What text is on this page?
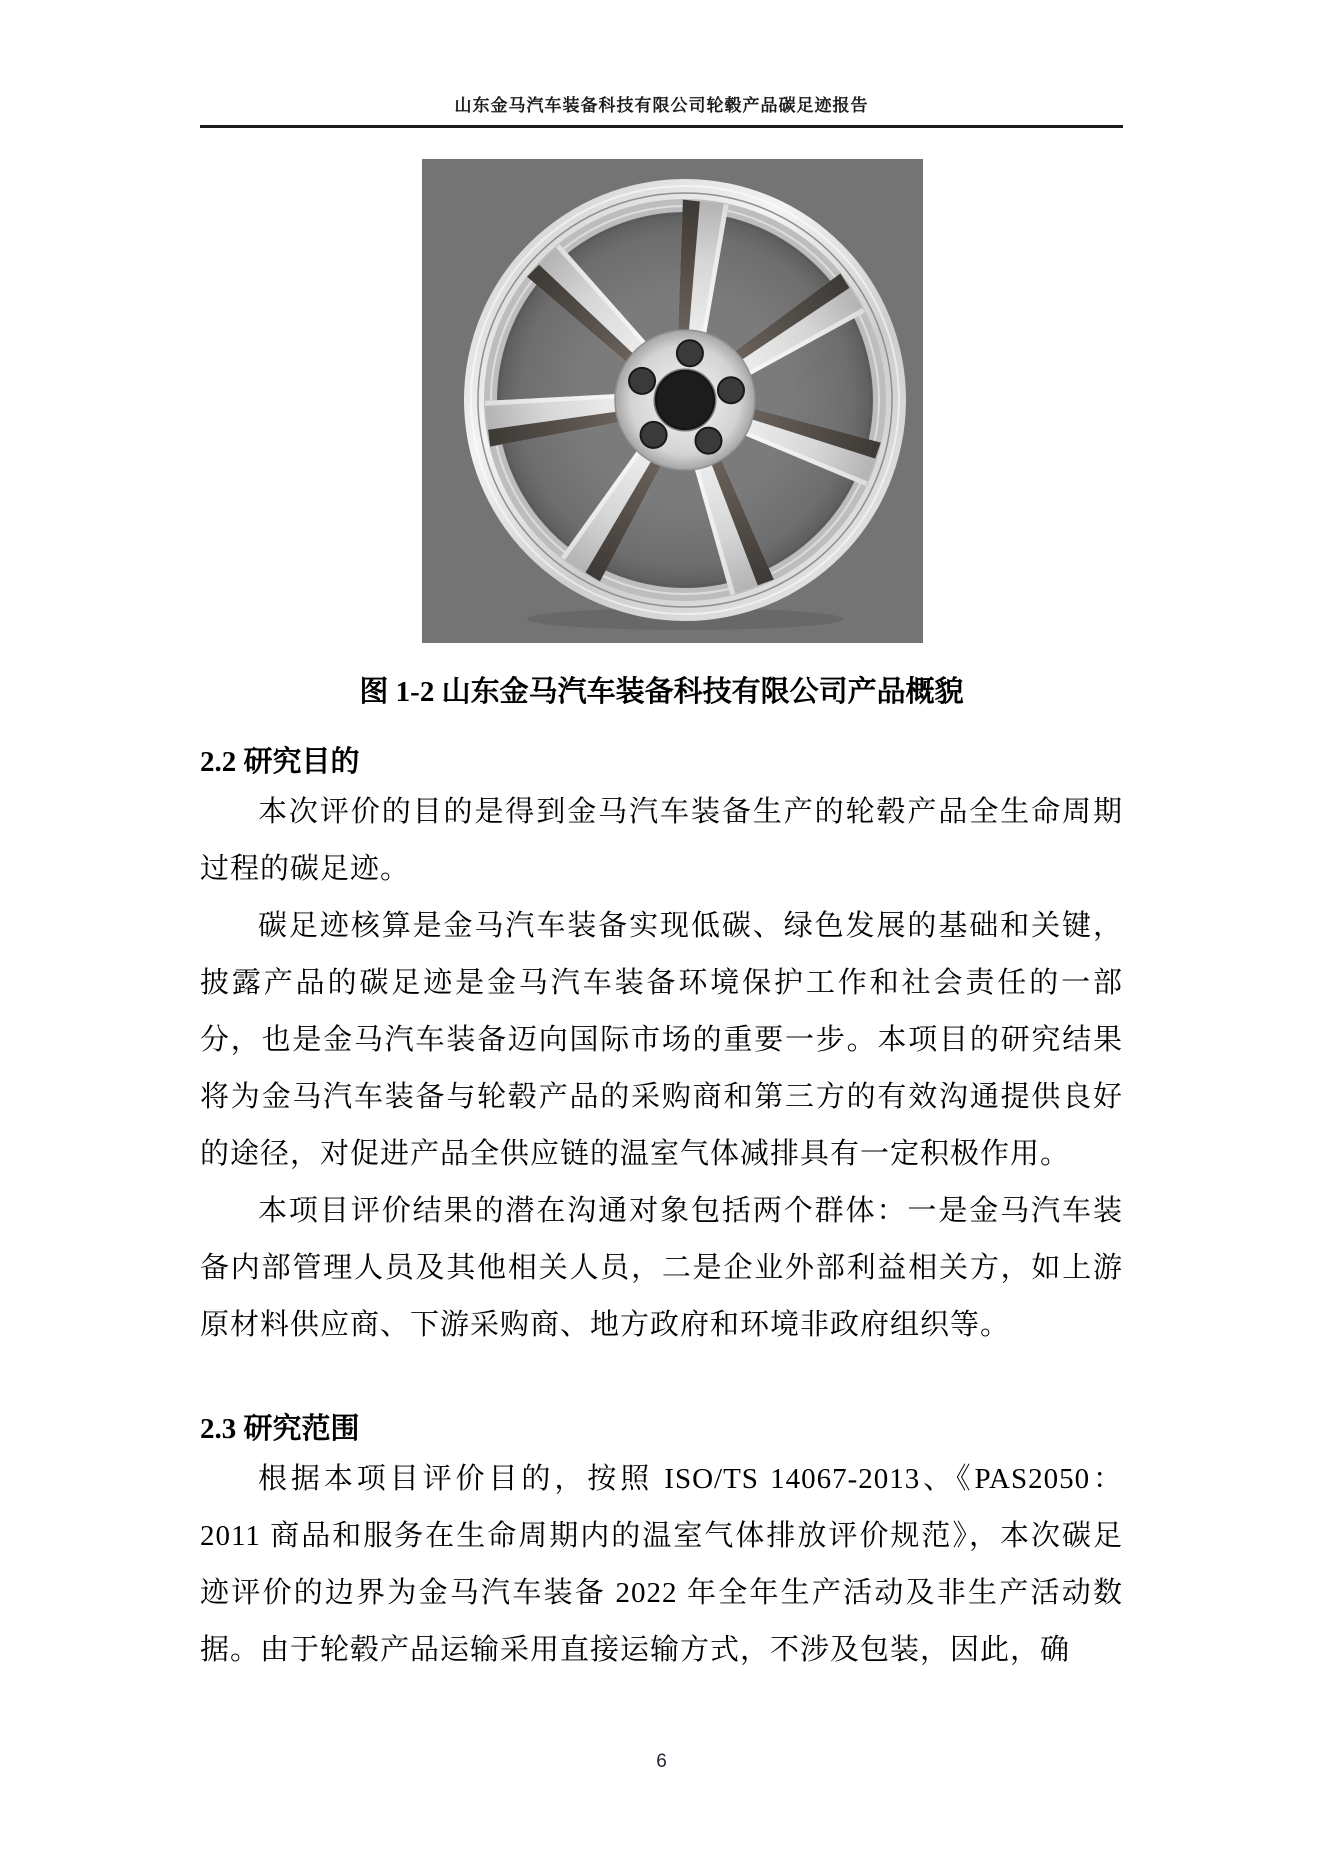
山东金马汽车装备科技有限公司轮毂产品碳足迹报告

图 1-2 山东金马汽车装备科技有限公司产品概貌

2.2 研究目的

本次评价的目的是得到金马汽车装备生产的轮毂产品全生命周期过程的碳足迹。

碳足迹核算是金马汽车装备实现低碳、绿色发展的基础和关键，披露产品的碳足迹是金马汽车装备环境保护工作和社会责任的一部分，也是金马汽车装备迈向国际市场的重要一步。本项目的研究结果将为金马汽车装备与轮毂产品的采购商和第三方的有效沟通提供良好的途径，对促进产品全供应链的温室气体减排具有一定积极作用。

本项目评价结果的潜在沟通对象包括两个群体：一是金马汽车装备内部管理人员及其他相关人员，二是企业外部利益相关方，如上游原材料供应商、下游采购商、地方政府和环境非政府组织等。

2.3 研究范围

根据本项目评价目的，按照 ISO/TS 14067-2013、《PAS2050：2011 商品和服务在生命周期内的温室气体排放评价规范》，本次碳足迹评价的边界为金马汽车装备 2022 年全年生产活动及非生产活动数据。由于轮毂产品运输采用直接运输方式，不涉及包装，因此，确

6
